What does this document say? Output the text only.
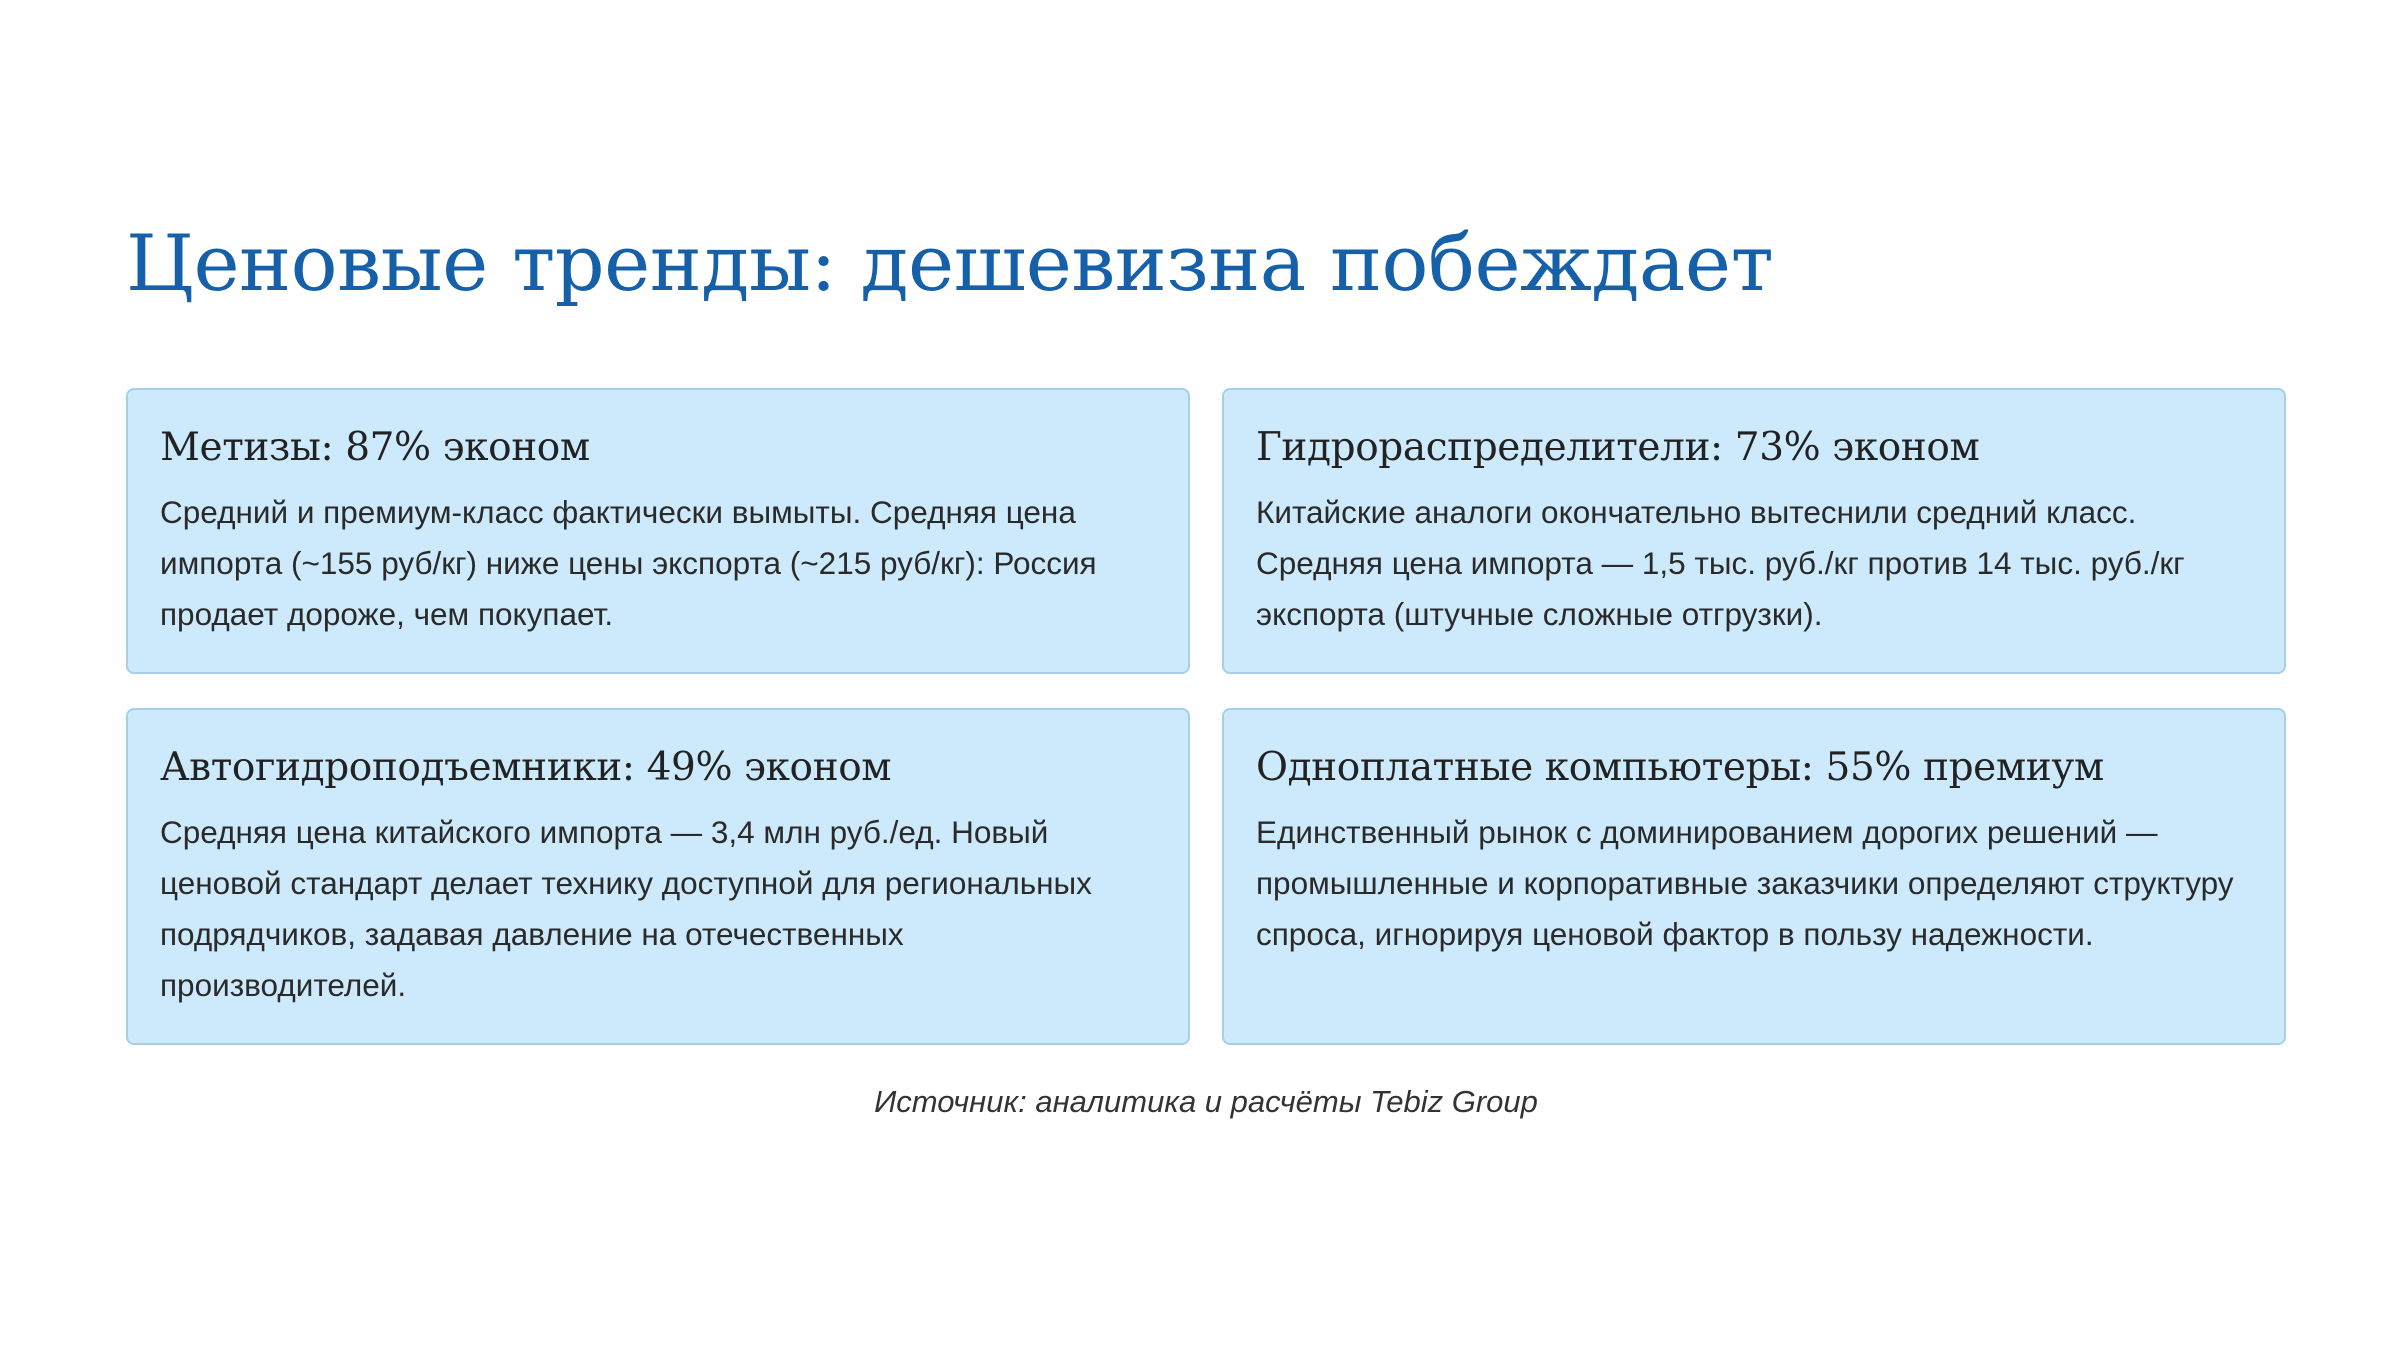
Ценовые тренды: дешевизна побеждает
Метизы: 87% эконом

Средний и премиум-класс фактически вымыты. Средняя цена импорта (~155 руб/кг) ниже цены экспорта (~215 руб/кг): Россия продает дороже, чем покупает.

Гидрораспределители: 73% эконом

Китайские аналоги окончательно вытеснили средний класс. Средняя цена импорта — 1,5 тыс. руб./кг против 14 тыс. руб./кг экспорта (штучные сложные отгрузки).

Автогидроподъемники: 49% эконом

Средняя цена китайского импорта — 3,4 млн руб./ед. Новый ценовой стандарт делает технику доступной для региональных подрядчиков, задавая давление на отечественных производителей.

Одноплатные компьютеры: 55% премиум

Единственный рынок с доминированием дорогих решений — промышленные и корпоративные заказчики определяют структуру спроса, игнорируя ценовой фактор в пользу надежности.

Источник: аналитика и расчёты Tebiz Group
